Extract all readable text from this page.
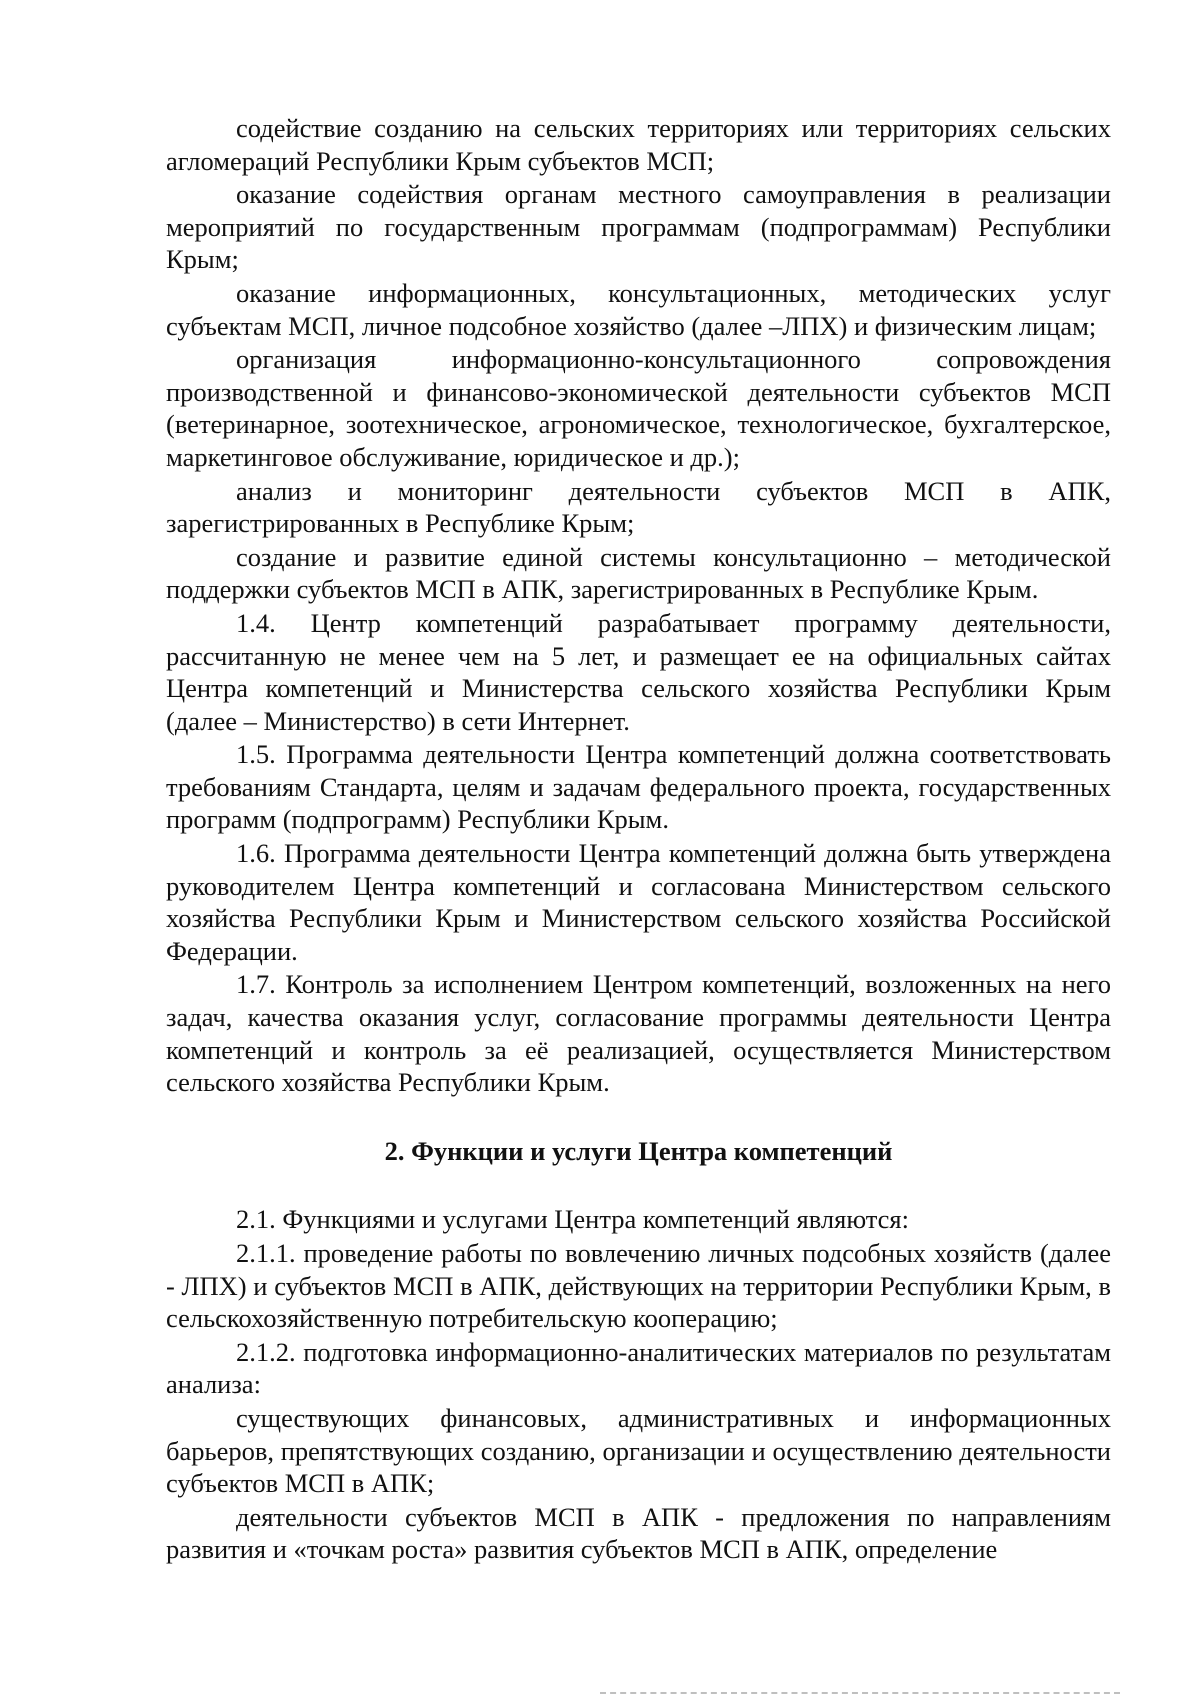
содействие созданию на сельских территориях или территориях сельских агломераций Республики Крым субъектов МСП;

оказание содействия органам местного самоуправления в реализации мероприятий по государственным программам (подпрограммам) Республики Крым;

оказание информационных, консультационных, методических услуг субъектам МСП, личное подсобное хозяйство (далее –ЛПХ) и физическим лицам;

организация информационно-консультационного сопровождения производственной и финансово-экономической деятельности субъектов МСП (ветеринарное, зоотехническое, агрономическое, технологическое, бухгалтерское, маркетинговое обслуживание, юридическое и др.);

анализ и мониторинг деятельности субъектов МСП в АПК, зарегистрированных в Республике Крым;

создание и развитие единой системы консультационно – методической поддержки субъектов МСП в АПК, зарегистрированных в Республике Крым.

1.4. Центр компетенций разрабатывает программу деятельности, рассчитанную не менее чем на 5 лет, и размещает ее на официальных сайтах Центра компетенций и Министерства сельского хозяйства Республики Крым (далее – Министерство) в сети Интернет.

1.5. Программа деятельности Центра компетенций должна соответствовать требованиям Стандарта, целям и задачам федерального проекта, государственных программ (подпрограмм) Республики Крым.

1.6. Программа деятельности Центра компетенций должна быть утверждена руководителем Центра компетенций и согласована Министерством сельского хозяйства Республики Крым и Министерством сельского хозяйства Российской Федерации.

1.7. Контроль за исполнением Центром компетенций, возложенных на него задач, качества оказания услуг, согласование программы деятельности Центра компетенций и контроль за её реализацией, осуществляется Министерством сельского хозяйства Республики Крым.

2. Функции и услуги Центра компетенций

2.1. Функциями и услугами Центра компетенций являются:

2.1.1. проведение работы по вовлечению личных подсобных хозяйств (далее - ЛПХ) и субъектов МСП в АПК, действующих на территории Республики Крым, в сельскохозяйственную потребительскую кооперацию;

2.1.2. подготовка информационно-аналитических материалов по результатам анализа:

существующих финансовых, административных и информационных барьеров, препятствующих созданию, организации и осуществлению деятельности субъектов МСП в АПК;

деятельности субъектов МСП в АПК - предложения по направлениям развития и «точкам роста» развития субъектов МСП в АПК, определение
